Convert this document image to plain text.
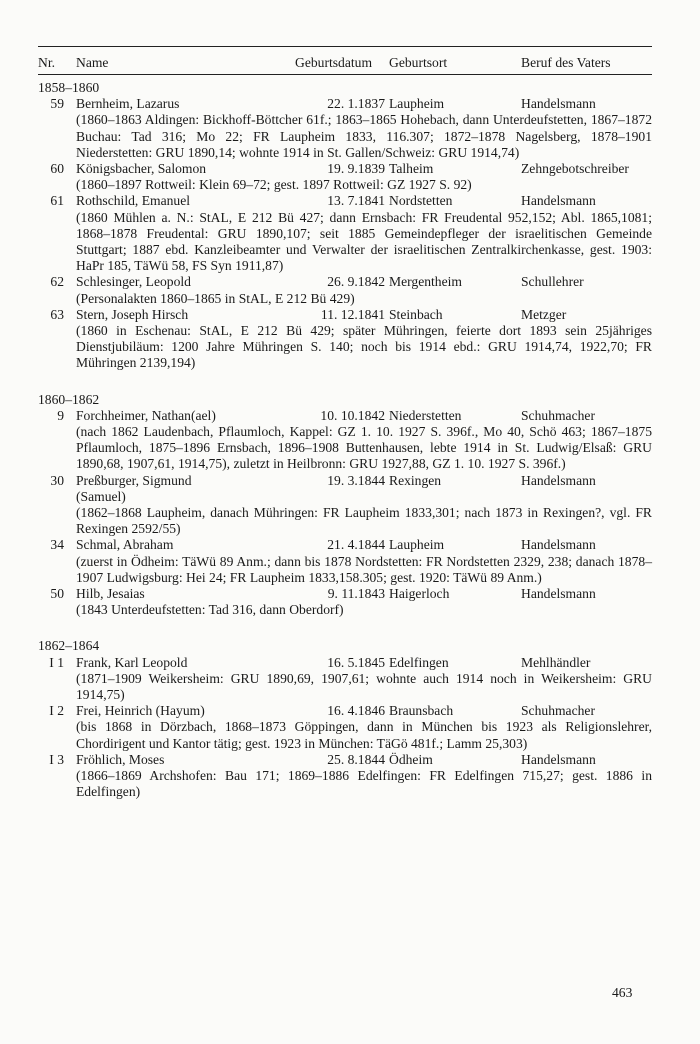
Nr. Name	Geburtsdatum Geburtsort	Beruf des Vaters
1858–1860
59 Bernheim, Lazarus	22. 1.1837 Laupheim	Handelsmann
(1860–1863 Aldingen: Bickhoff-Böttcher 61f.; 1863–1865 Hohebach, dann Unterdeufstetten, 1867–1872 Buchau: Tad 316; Mo 22; FR Laupheim 1833, 116.307; 1872–1878 Nagelsberg, 1878–1901 Niederstetten: GRU 1890,14; wohnte 1914 in St. Gallen/Schweiz: GRU 1914,74)
60 Königsbacher, Salomon	19. 9.1839 Talheim	Zehngebotschreiber
(1860–1897 Rottweil: Klein 69–72; gest. 1897 Rottweil: GZ 1927 S. 92)
61 Rothschild, Emanuel	13. 7.1841 Nordstetten	Handelsmann
(1860 Mühlen a. N.: StAL, E 212 Bü 427; dann Ernsbach: FR Freudental 952,152; Abl. 1865,1081; 1868–1878 Freudental: GRU 1890,107; seit 1885 Gemeindepfleger der israelitischen Gemeinde Stuttgart; 1887 ebd. Kanzleibeamter und Verwalter der israelitischen Zentralkirchenkasse, gest. 1903: HaPr 185, TäWü 58, FS Syn 1911,87)
62 Schlesinger, Leopold	26. 9.1842 Mergentheim	Schullehrer
(Personalakten 1860–1865 in StAL, E 212 Bü 429)
63 Stern, Joseph Hirsch	11. 12.1841 Steinbach	Metzger
(1860 in Eschenau: StAL, E 212 Bü 429; später Mühringen, feierte dort 1893 sein 25jähriges Dienstjubiläum: 1200 Jahre Mühringen S. 140; noch bis 1914 ebd.: GRU 1914,74, 1922,70; FR Mühringen 2139,194)
1860–1862
9 Forchheimer, Nathan(ael)	10. 10.1842 Niederstetten	Schuhmacher
(nach 1862 Laudenbach, Pflaumloch, Kappel: GZ 1. 10. 1927 S. 396f., Mo 40, Schö 463; 1867–1875 Pflaumloch, 1875–1896 Ernsbach, 1896–1908 Buttenhausen, lebte 1914 in St. Ludwig/Elsaß: GRU 1890,68, 1907,61, 1914,75), zuletzt in Heilbronn: GRU 1927,88, GZ 1. 10. 1927 S. 396f.)
30 Preßburger, Sigmund	19. 3.1844 Rexingen	Handelsmann
(Samuel)
(1862–1868 Laupheim, danach Mühringen: FR Laupheim 1833,301; nach 1873 in Rexingen?, vgl. FR Rexingen 2592/55)
34 Schmal, Abraham	21. 4.1844 Laupheim	Handelsmann
(zuerst in Ödheim: TäWü 89 Anm.; dann bis 1878 Nordstetten: FR Nordstetten 2329, 238; danach 1878–1907 Ludwigsburg: Hei 24; FR Laupheim 1833,158.305; gest. 1920: TäWü 89 Anm.)
50 Hilb, Jesaias	9. 11.1843 Haigerloch	Handelsmann
(1843 Unterdeufstetten: Tad 316, dann Oberdorf)
1862–1864
I 1 Frank, Karl Leopold	16. 5.1845 Edelfingen	Mehlhändler
(1871–1909 Weikersheim: GRU 1890,69, 1907,61; wohnte auch 1914 noch in Weikersheim: GRU 1914,75)
I 2 Frei, Heinrich (Hayum)	16. 4.1846 Braunsbach	Schuhmacher
(bis 1868 in Dörzbach, 1868–1873 Göppingen, dann in München bis 1923 als Religionslehrer, Chordirigent und Kantor tätig; gest. 1923 in München: TäGö 481f.; Lamm 25,303)
I 3 Fröhlich, Moses	25. 8.1844 Ödheim	Handelsmann
(1866–1869 Archshofen: Bau 171; 1869–1886 Edelfingen: FR Edelfingen 715,27; gest. 1886 in Edelfingen)
463
